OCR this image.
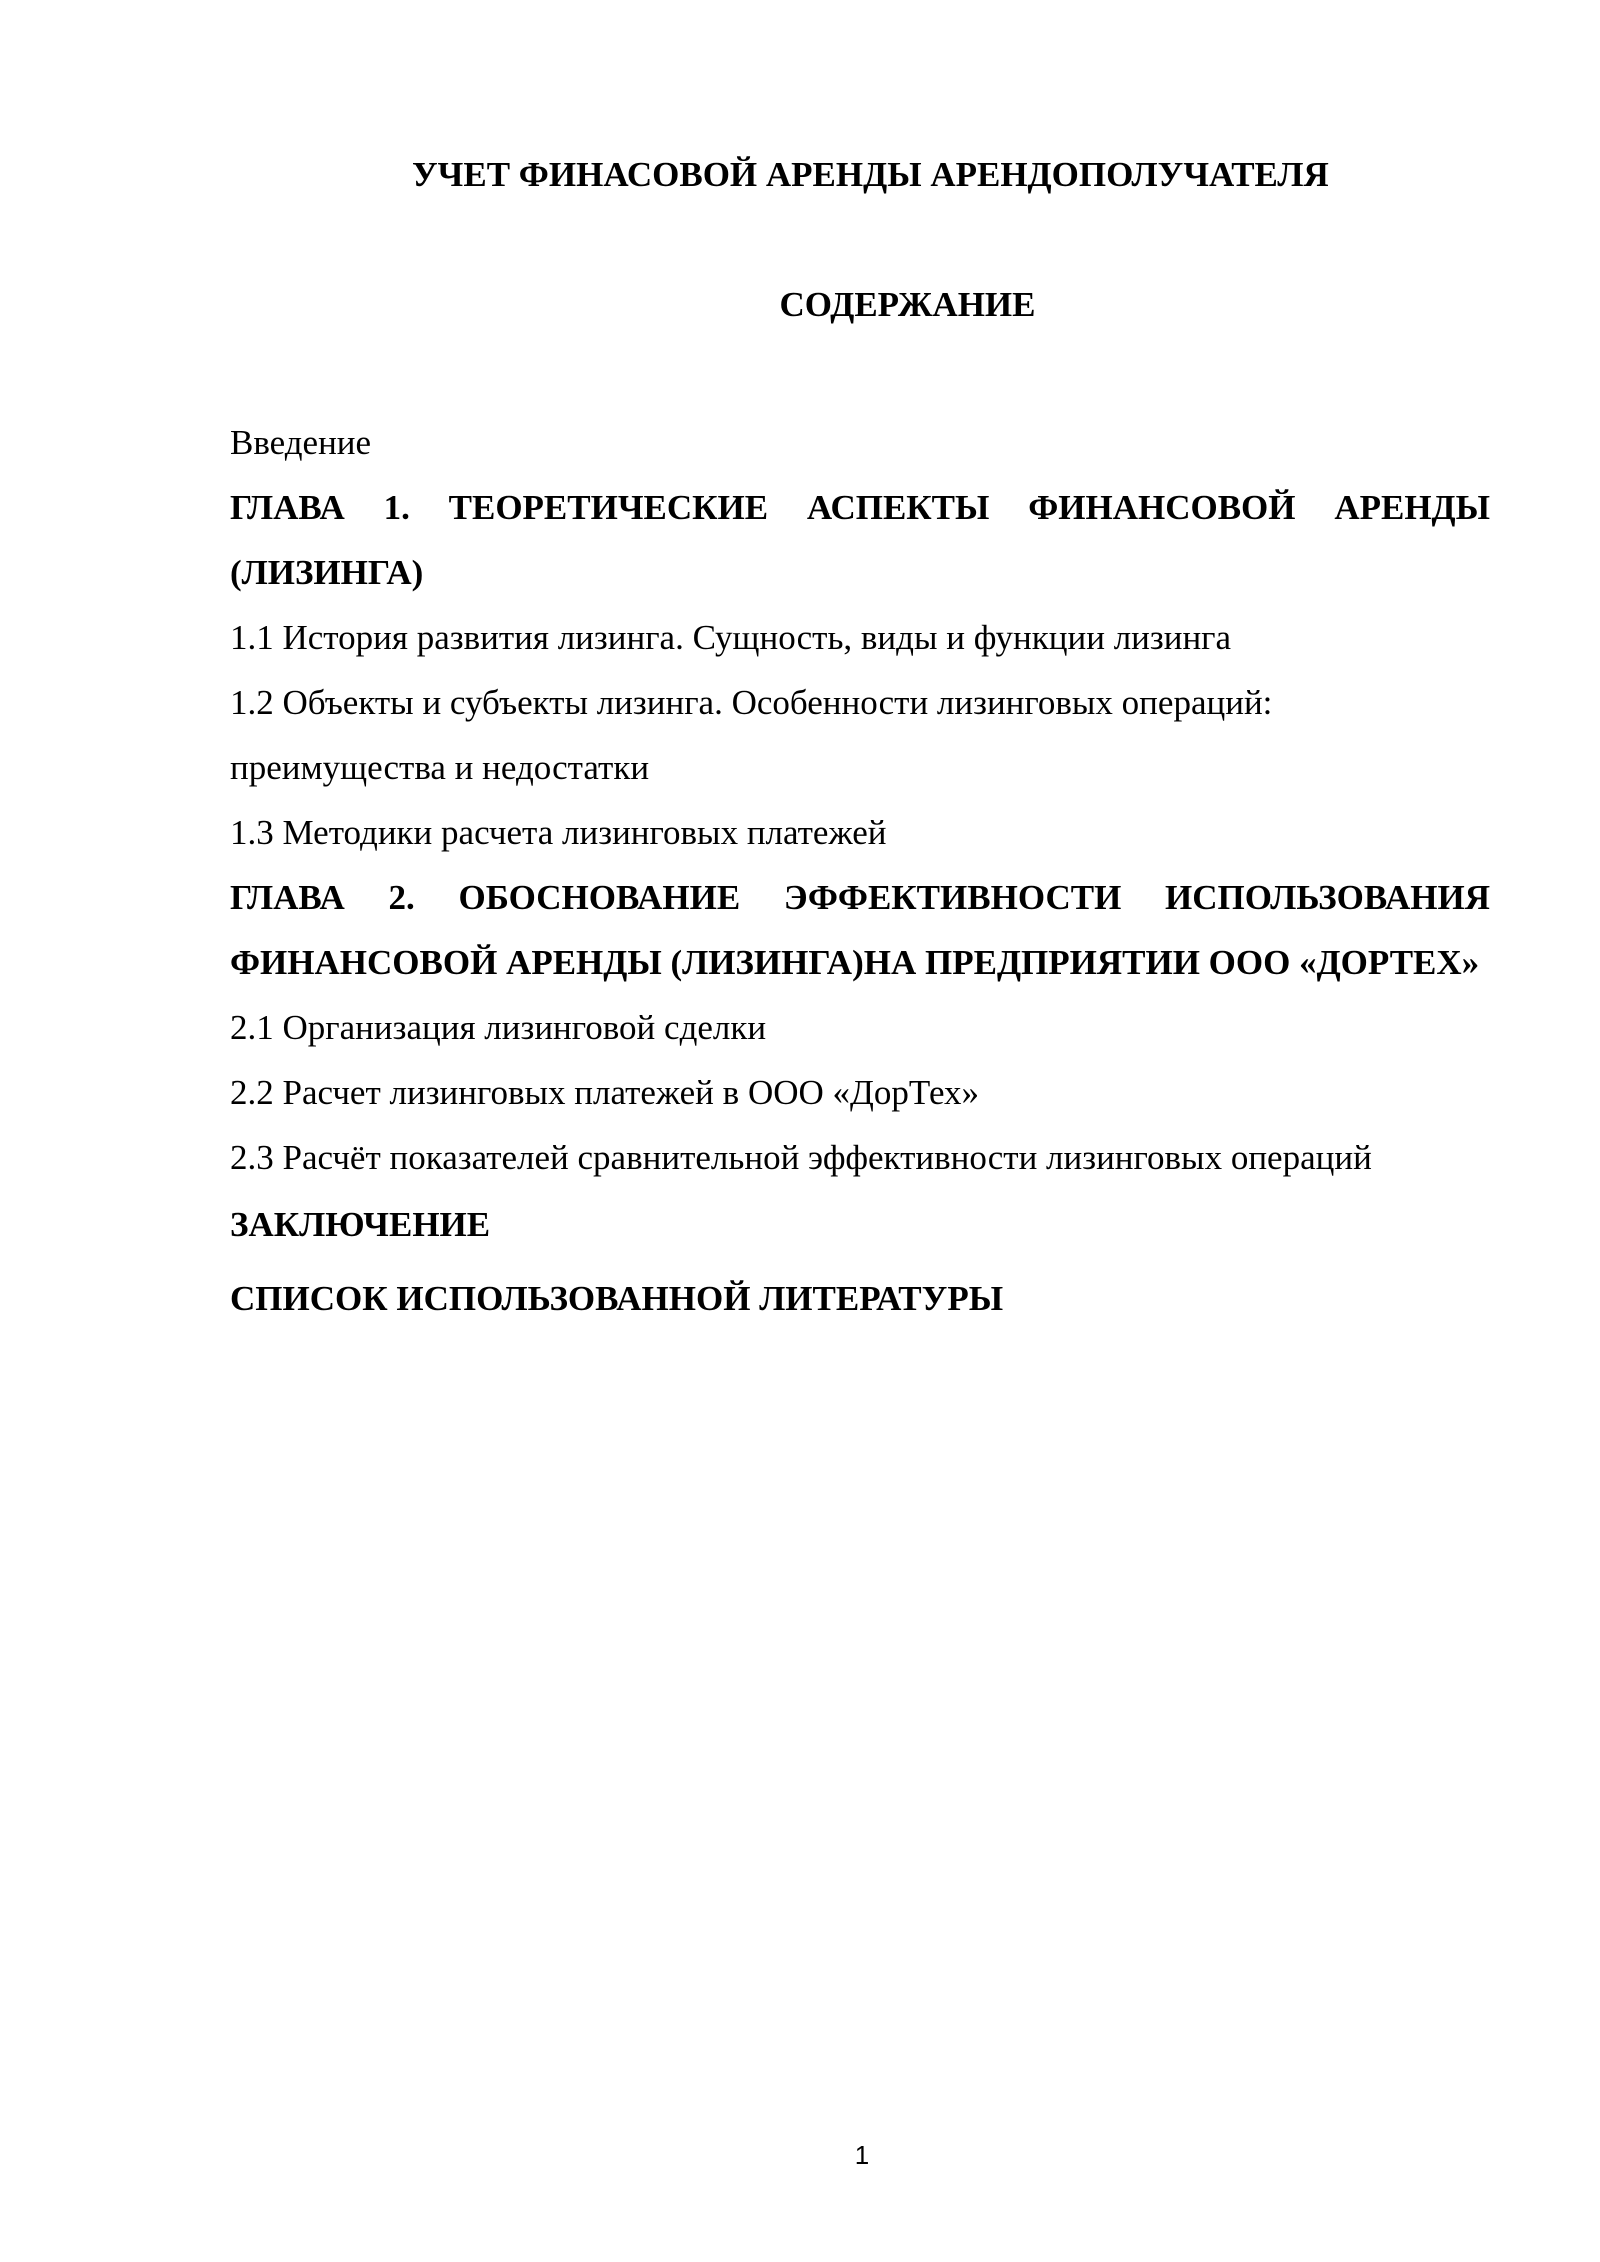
УЧЕТ ФИНАСОВОЙ АРЕНДЫ АРЕНДОПОЛУЧАТЕЛЯ
СОДЕРЖАНИЕ
Введение
ГЛАВА 1. ТЕОРЕТИЧЕСКИЕ АСПЕКТЫ ФИНАНСОВОЙ АРЕНДЫ (ЛИЗИНГА)
1.1 История развития лизинга. Сущность, виды и функции лизинга
1.2 Объекты и субъекты лизинга. Особенности лизинговых операций: преимущества и недостатки
1.3 Методики расчета лизинговых платежей
ГЛАВА 2. ОБОСНОВАНИЕ ЭФФЕКТИВНОСТИ ИСПОЛЬЗОВАНИЯ ФИНАНСОВОЙ АРЕНДЫ (ЛИЗИНГА)НА ПРЕДПРИЯТИИ ООО «ДОРТЕХ»
2.1 Организация лизинговой сделки
2.2 Расчет лизинговых платежей в ООО «ДорТех»
2.3 Расчёт показателей сравнительной эффективности лизинговых операций
ЗАКЛЮЧЕНИЕ
СПИСОК ИСПОЛЬЗОВАННОЙ ЛИТЕРАТУРЫ

1
